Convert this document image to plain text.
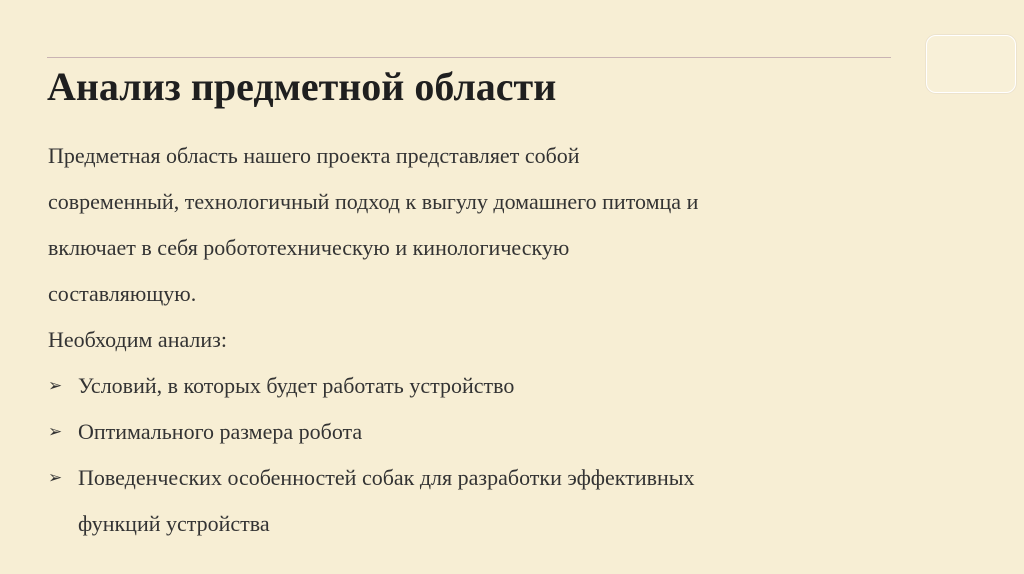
Анализ предметной области
Предметная область нашего проекта представляет собой
современный, технологичный подход к выгулу домашнего питомца и
включает в себя робототехническую и кинологическую
составляющую.
Необходим анализ:
➢ Условий, в которых будет работать устройство
➢ Оптимального размера робота
➢ Поведенческих особенностей собак для разработки эффективных
функций устройства
